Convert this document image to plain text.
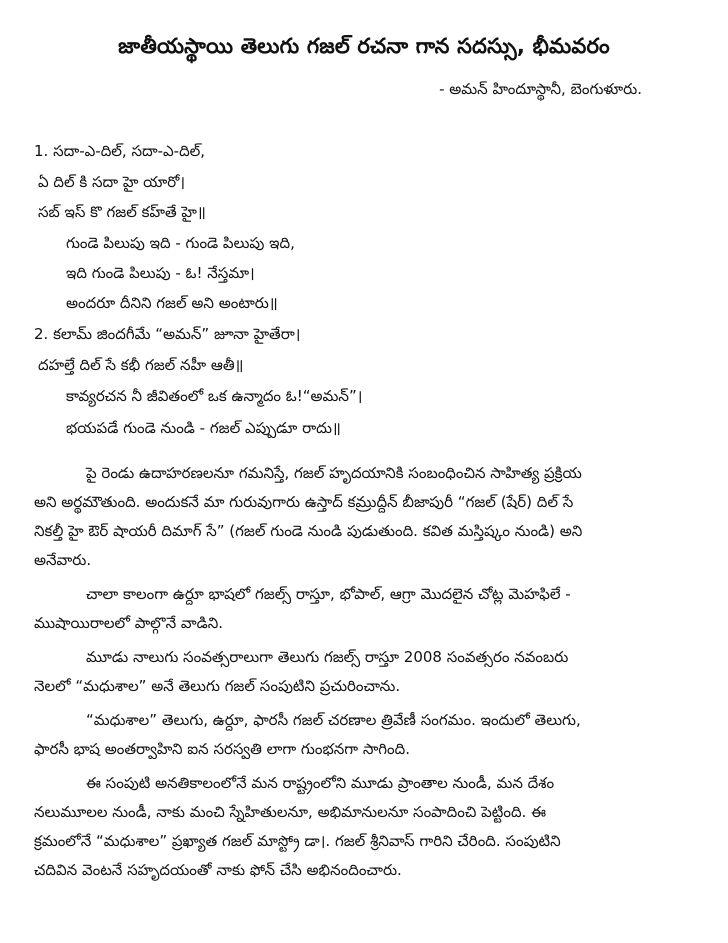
జాతీయస్థాయి తెలుగు గజల్ రచనా గాన సదస్సు, భీమవరం
- అమన్ హిందూస్థానీ, బెంగుళూరు.
1. సదా-ఎ-దిల్, సదా-ఎ-దిల్,
ఏ దిల్ కి సదా హై యారో।
సబ్ ఇస్ కొ గజల్ కహ్‌తే హై॥
గుండె పిలుపు ఇది - గుండె పిలుపు ఇది,
ఇది గుండె పిలుపు - ఓ! నేస్తమా।
అందరూ దీనిని గజల్ అని అంటారు॥
2. కలామ్ జిందగీమే “అమన్” జూనా హైతేరా।
దహల్తే దిల్ సే కభీ గజల్ నహీ ఆతీ॥
కావ్యరచన నీ జీవితంలో ఒక ఉన్మాదం ఓ!“అమన్”।
భయపడే గుండె నుండి - గజల్ ఎప్పుడూ రాదు॥
పై రెండు ఉదాహరణలనూ గమనిస్తే, గజల్ హృదయానికి సంబంధించిన సాహిత్య ప్రక్రియ
అని అర్థమౌతుంది. అందుకనే మా గురువుగారు ఉస్తాద్ కమ్రుద్దీన్ బీజాపురీ “గజల్ (షేర్) దిల్ సే
నికల్తీ హై ఔర్ షాయరీ దిమాగ్ సే” (గజల్ గుండె నుండి పుడుతుంది. కవిత మస్తిష్కం నుండి) అని
అనేవారు.
చాలా కాలంగా ఉర్దూ భాషలో గజల్స్ రాస్తూ, భోపాల్, ఆగ్రా మొదలైన చోట్ల మెహఫిలే -
ముషాయిరాలలో పాల్గొనే వాడిని.
మూడు నాలుగు సంవత్సరాలుగా తెలుగు గజల్స్ రాస్తూ 2008 సంవత్సరం నవంబరు
నెలలో “మధుశాల” అనే తెలుగు గజల్ సంపుటిని ప్రచురించాను.
“మధుశాల” తెలుగు, ఉర్దూ, ఫారసీ గజల్ చరణాల త్రివేణీ సంగమం. ఇందులో తెలుగు,
ఫారసీ భాష అంతర్వాహిని ఐన సరస్వతి లాగా గుంభనగా సాగింది.
ఈ సంపుటి అనతికాలంలోనే మన రాష్ట్రంలోని మూడు ప్రాంతాల నుండీ, మన దేశం
నలుమూలల నుండీ, నాకు మంచి స్నేహితులనూ, అభిమానులనూ సంపాదించి పెట్టింది. ఈ
క్రమంలోనే “మధుశాల” ప్రఖ్యాత గజల్ మాస్ట్రో డా।. గజల్ శ్రీనివాస్ గారిని చేరింది. సంపుటిని
చదివిన వెంటనే సహృదయంతో నాకు ఫోన్ చేసి అభినందించారు.
